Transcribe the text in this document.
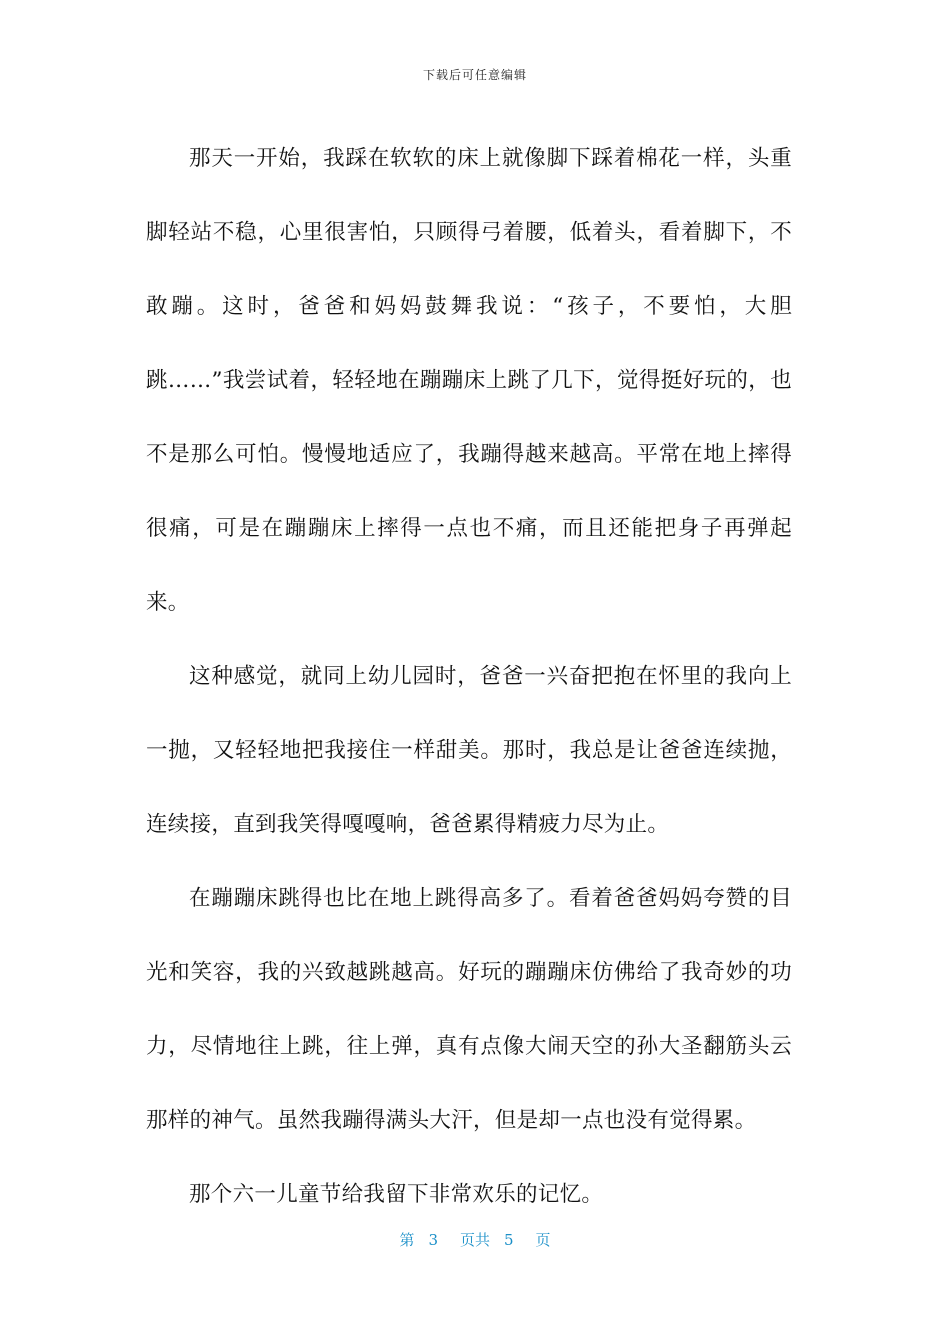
下载后可任意编辑

那天一开始，我踩在软软的床上就像脚下踩着棉花一样，头重脚轻站不稳，心里很害怕，只顾得弓着腰，低着头，看着脚下，不敢蹦。这时，爸爸和妈妈鼓舞我说：“孩子，不要怕，大胆跳……”我尝试着，轻轻地在蹦蹦床上跳了几下，觉得挺好玩的，也不是那么可怕。慢慢地适应了，我蹦得越来越高。平常在地上摔得很痛，可是在蹦蹦床上摔得一点也不痛，而且还能把身子再弹起来。

这种感觉，就同上幼儿园时，爸爸一兴奋把抱在怀里的我向上一抛，又轻轻地把我接住一样甜美。那时，我总是让爸爸连续抛，连续接，直到我笑得嘎嘎响，爸爸累得精疲力尽为止。

在蹦蹦床跳得也比在地上跳得高多了。看着爸爸妈妈夸赞的目光和笑容，我的兴致越跳越高。好玩的蹦蹦床仿佛给了我奇妙的功力，尽情地往上跳，往上弹，真有点像大闹天空的孙大圣翻筋头云那样的神气。虽然我蹦得满头大汗，但是却一点也没有觉得累。

那个六一儿童节给我留下非常欢乐的记忆。

第 3 页共 5 页
